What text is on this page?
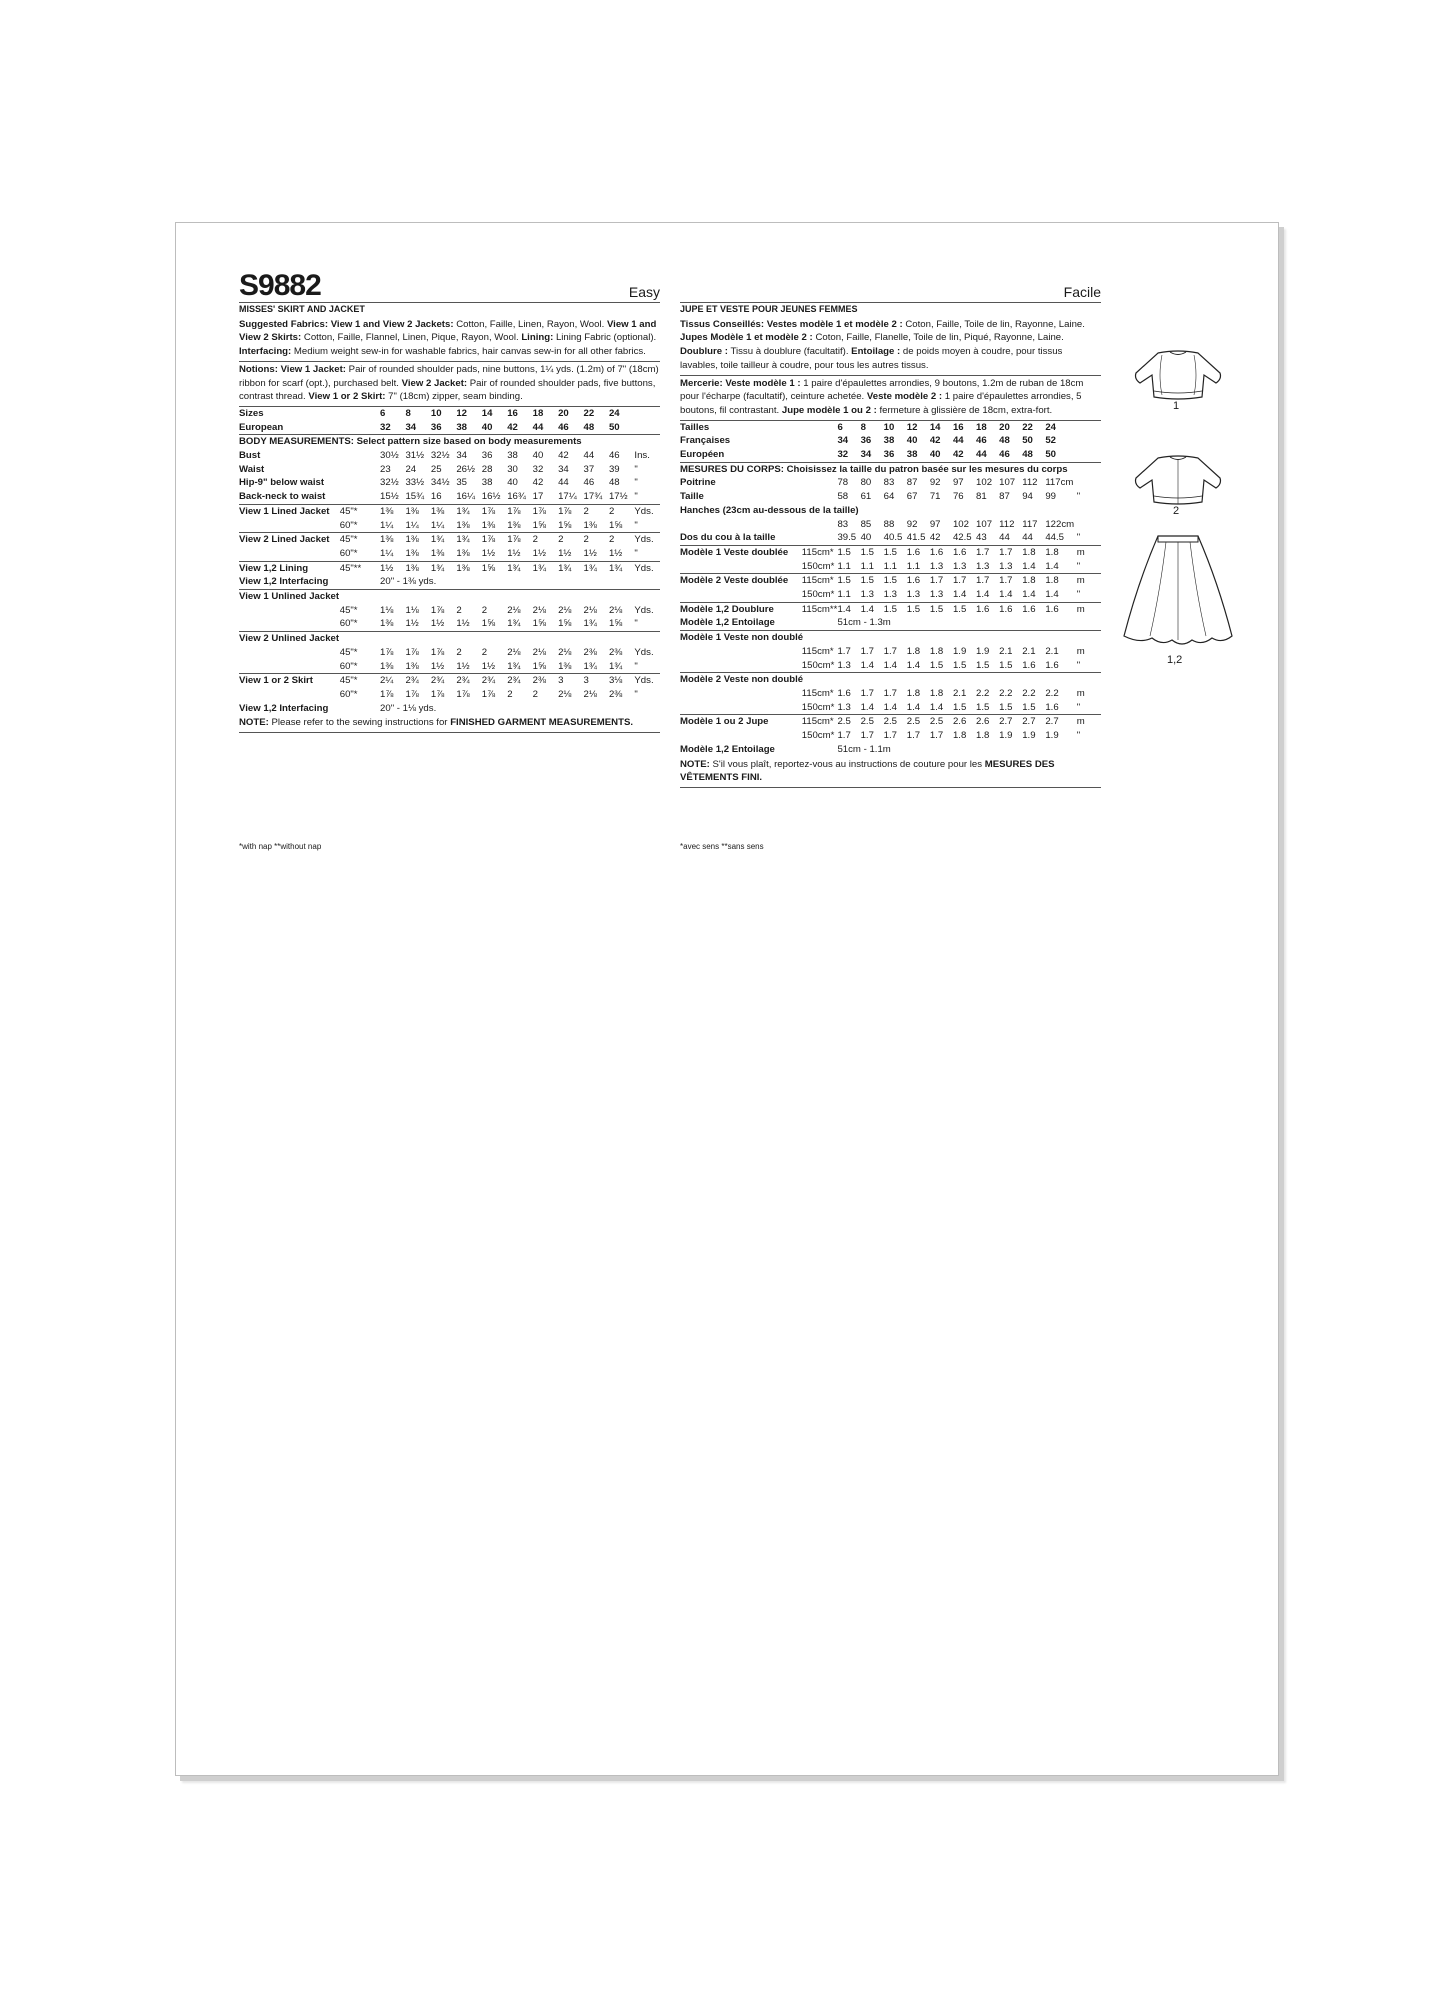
S9882	Easy
MISSES' SKIRT AND JACKET
Suggested Fabrics: View 1 and View 2 Jackets: Cotton, Faille, Linen, Rayon, Wool. View 1 and View 2 Skirts: Cotton, Faille, Flannel, Linen, Pique, Rayon, Wool. Lining: Lining Fabric (optional). Interfacing: Medium weight sew-in for washable fabrics, hair canvas sew-in for all other fabrics.
Notions: View 1 Jacket: Pair of rounded shoulder pads, nine buttons, 1¼ yds. (1.2m) of 7" (18cm) ribbon for scarf (opt.), purchased belt. View 2 Jacket: Pair of rounded shoulder pads, five buttons, contrast thread. View 1 or 2 Skirt: 7" (18cm) zipper, seam binding.
Sizes		6	8	10	12	14	16	18	20	22	24	
European		32	34	36	38	40	42	44	46	48	50	
BODY MEASUREMENTS: Select pattern size based on body measurements												
Bust		30½	31½	32½	34	36	38	40	42	44	46	Ins.
Waist		23	24	25	26½	28	30	32	34	37	39	"
Hip-9" below waist		32½	33½	34½	35	38	40	42	44	46	48	"
Back-neck to waist		15½	15¾	16	16¼	16½	16¾	17	17¼	17¾	17½	"
View 1 Lined Jacket	45"*	1⅜	1⅜	1⅜	1¾	1⅞	1⅞	1⅞	1⅞	2	2	Yds.
	60"*	1¼	1¼	1¼	1⅜	1⅜	1⅜	1⅝	1⅝	1⅜	1⅝	"
View 2 Lined Jacket	45"*	1⅜	1⅜	1¾	1¾	1⅞	1⅞	2	2	2	2	Yds.
	60"*	1¼	1⅜	1⅜	1⅜	1½	1½	1½	1½	1½	1½	"
View 1,2 Lining	45"**	1½	1⅜	1¾	1⅜	1⅝	1¾	1¾	1¾	1¾	1¾	Yds.
View 1,2 Interfacing		20" - 1⅜ yds.										
View 1 Unlined Jacket												
	45"*	1⅛	1⅛	1⅞	2	2	2⅛	2⅛	2⅛	2⅛	2⅛	Yds.
	60"*	1⅜	1½	1½	1½	1⅝	1¾	1⅝	1⅝	1¾	1⅝	"
View 2 Unlined Jacket												
	45"*	1⅞	1⅞	1⅞	2	2	2⅛	2⅛	2⅛	2⅜	2⅜	Yds.
	60"*	1⅜	1⅜	1½	1½	1½	1¾	1⅝	1⅜	1¾	1¾	"
View 1 or 2 Skirt	45"*	2¼	2¾	2¾	2¾	2¾	2¾	2⅜	3	3	3⅛	Yds.
	60"*	1⅞	1⅞	1⅞	1⅞	1⅞	2	2	2⅛	2⅛	2⅜	"
View 1,2 Interfacing		20" - 1⅛ yds.										
NOTE: Please refer to the sewing instructions for FINISHED GARMENT MEASUREMENTS.
*with nap **without nap
Facile
JUPE ET VESTE POUR JEUNES FEMMES
Tissus Conseillés: Vestes modèle 1 et modèle 2 : Coton, Faille, Toile de lin, Rayonne, Laine. Jupes Modèle 1 et modèle 2 : Coton, Faille, Flanelle, Toile de lin, Piqué, Rayonne, Laine. Doublure : Tissu à doublure (facultatif). Entoilage : de poids moyen à coudre, pour tissus lavables, toile tailleur à coudre, pour tous les autres tissus.
Mercerie: Veste modèle 1 : 1 paire d'épaulettes arrondies, 9 boutons, 1.2m de ruban de 18cm pour l'écharpe (facultatif), ceinture achetée. Veste modèle 2 : 1 paire d'épaulettes arrondies, 5 boutons, fil contrastant. Jupe modèle 1 ou 2 : fermeture à glissière de 18cm, extra-fort.
Tailles		6	8	10	12	14	16	18	20	22	24	
Françaises		34	36	38	40	42	44	46	48	50	52	
Européen		32	34	36	38	40	42	44	46	48	50	
MESURES DU CORPS: Choisissez la taille du patron basée sur les mesures du corps												
Poitrine		78	80	83	87	92	97	102	107	112	117cm	
Taille		58	61	64	67	71	76	81	87	94	99	"
Hanches (23cm au-dessous de la taille)												
		83	85	88	92	97	102	107	112	117	122cm	
Dos du cou à la taille		39.5	40	40.5	41.5	42	42.5	43	44	44	44.5	"
Modèle 1 Veste doublée	115cm*	1.5	1.5	1.5	1.6	1.6	1.6	1.7	1.7	1.8	1.8	m
	150cm*	1.1	1.1	1.1	1.1	1.3	1.3	1.3	1.3	1.4	1.4	"
Modèle 2 Veste doublée	115cm*	1.5	1.5	1.5	1.6	1.7	1.7	1.7	1.7	1.8	1.8	m
	150cm*	1.1	1.3	1.3	1.3	1.3	1.4	1.4	1.4	1.4	1.4	"
Modèle 1,2 Doublure	115cm**	1.4	1.4	1.5	1.5	1.5	1.5	1.6	1.6	1.6	1.6	m
Modèle 1,2 Entoilage		51cm - 1.3m										
Modèle 1 Veste non doublé												
	115cm*	1.7	1.7	1.7	1.8	1.8	1.9	1.9	2.1	2.1	2.1	m
	150cm*	1.3	1.4	1.4	1.4	1.5	1.5	1.5	1.5	1.6	1.6	"
Modèle 2 Veste non doublé												
	115cm*	1.6	1.7	1.7	1.8	1.8	2.1	2.2	2.2	2.2	2.2	m
	150cm*	1.3	1.4	1.4	1.4	1.4	1.5	1.5	1.5	1.5	1.6	"
Modèle 1 ou 2 Jupe	115cm*	2.5	2.5	2.5	2.5	2.5	2.6	2.6	2.7	2.7	2.7	m
	150cm*	1.7	1.7	1.7	1.7	1.7	1.8	1.8	1.9	1.9	1.9	"
Modèle 1,2 Entoilage		51cm - 1.1m										
NOTE: S'il vous plaît, reportez-vous au instructions de couture pour les MESURES DES VÊTEMENTS FINI.
*avec sens **sans sens
1
2
1,2
